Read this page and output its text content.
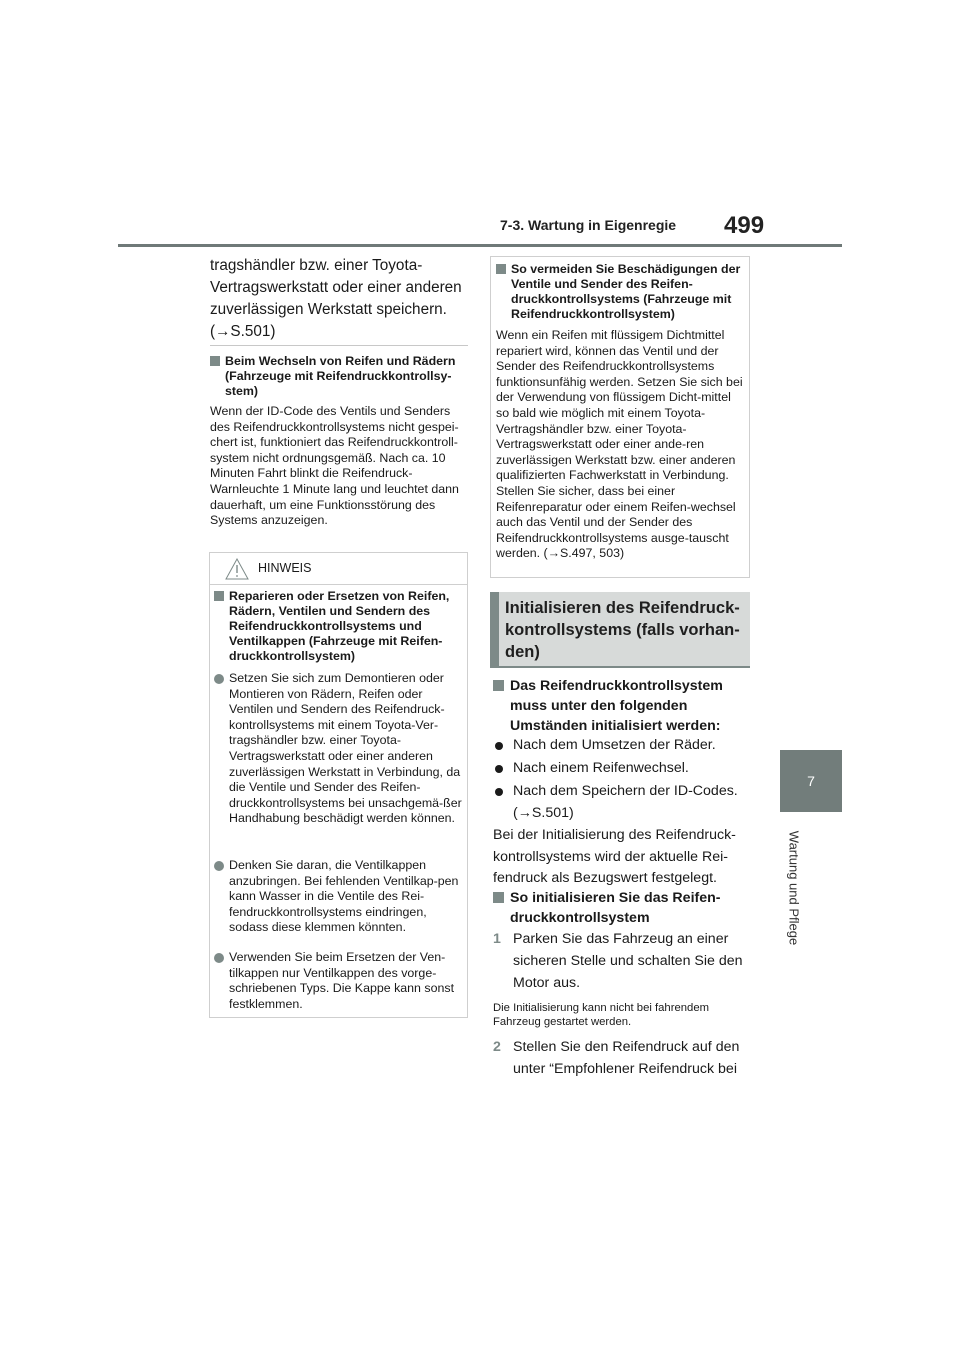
7-3. Wartung in Eigenregie 499
7
Wartung und Pflege
tragshändler bzw. einer Toyota-Vertragswerkstatt oder einer anderen zuverlässigen Werkstatt speichern. (→S.501)
Beim Wechseln von Reifen und Rädern (Fahrzeuge mit Reifendruckkontrollsy-stem)
Wenn der ID-Code des Ventils und Senders des Reifendruckkontrollsystems nicht gespei-chert ist, funktioniert das Reifendruckkontroll-system nicht ordnungsgemäß. Nach ca. 10 Minuten Fahrt blinkt die Reifendruck-Warnleuchte 1 Minute lang und leuchtet dann dauerhaft, um eine Funktionsstörung des Systems anzuzeigen.
HINWEIS
Reparieren oder Ersetzen von Reifen, Rädern, Ventilen und Sendern des Reifendruckkontrollsystems und Ventilkappen (Fahrzeuge mit Reifen-druckkontrollsystem)
Setzen Sie sich zum Demontieren oder Montieren von Rädern, Reifen oder Ventilen und Sendern des Reifendruck-kontrollsystems mit einem Toyota-Ver-tragshändler bzw. einer Toyota-Vertragswerkstatt oder einer anderen zuverlässigen Werkstatt in Verbindung, da die Ventile und Sender des Reifen-druckkontrollsystems bei unsachgemä-ßer Handhabung beschädigt werden können.
Denken Sie daran, die Ventilkappen anzubringen. Bei fehlenden Ventilkap-pen kann Wasser in die Ventile des Rei-fendruckkontrollsystems eindringen, sodass diese klemmen könnten.
Verwenden Sie beim Ersetzen der Ven-tilkappen nur Ventilkappen des vorge-schriebenen Typs. Die Kappe kann sonst festklemmen.
So vermeiden Sie Beschädigungen der Ventile und Sender des Reifen-druckkontrollsystems (Fahrzeuge mit Reifendruckkontrollsystem)
Wenn ein Reifen mit flüssigem Dichtmittel repariert wird, können das Ventil und der Sender des Reifendruckkontrollsystems funktionsunfähig werden. Setzen Sie sich bei der Verwendung von flüssigem Dicht-mittel so bald wie möglich mit einem Toyota-Vertragshändler bzw. einer Toyota-Vertragswerkstatt oder einer ande-ren zuverlässigen Werkstatt bzw. einer anderen qualifizierten Fachwerkstatt in Verbindung. Stellen Sie sicher, dass bei einer Reifenreparatur oder einem Reifen-wechsel auch das Ventil und der Sender des Reifendruckkontrollsystems ausge-tauscht werden. (→S.497, 503)
Initialisieren des Reifendruck-kontrollsystems (falls vorhan-den)
Das Reifendruckkontrollsystem muss unter den folgenden Umständen initialisiert werden:
Nach dem Umsetzen der Räder.
Nach einem Reifenwechsel.
Nach dem Speichern der ID-Codes. (→S.501)
Bei der Initialisierung des Reifendruck-kontrollsystems wird der aktuelle Rei-fendruck als Bezugswert festgelegt.
So initialisieren Sie das Reifen-druckkontrollsystem
1 Parken Sie das Fahrzeug an einer sicheren Stelle und schalten Sie den Motor aus.
Die Initialisierung kann nicht bei fahrendem Fahrzeug gestartet werden.
2 Stellen Sie den Reifendruck auf den unter “Empfohlener Reifendruck bei
